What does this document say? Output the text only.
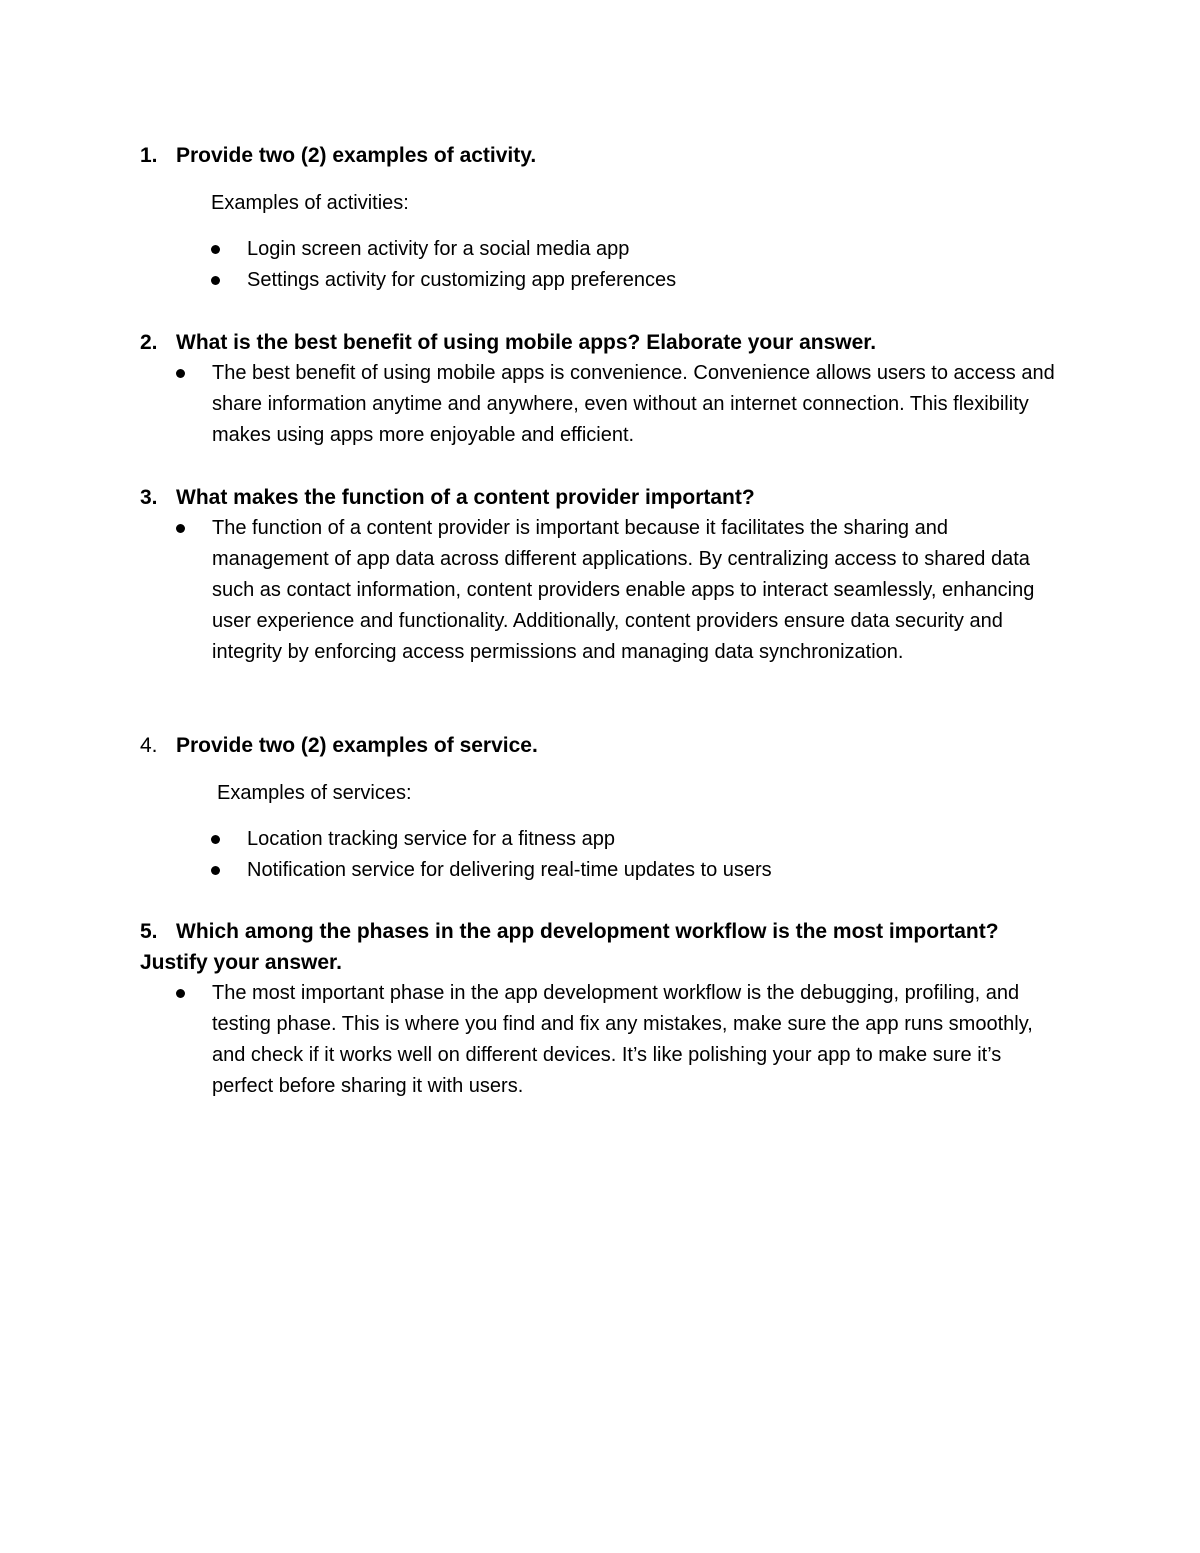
1. Provide two (2) examples of activity.
Examples of activities:
Login screen activity for a social media app
Settings activity for customizing app preferences
2. What is the best benefit of using mobile apps? Elaborate your answer.
The best benefit of using mobile apps is convenience. Convenience allows users to access and share information anytime and anywhere, even without an internet connection. This flexibility makes using apps more enjoyable and efficient.
3. What makes the function of a content provider important?
The function of a content provider is important because it facilitates the sharing and management of app data across different applications. By centralizing access to shared data such as contact information, content providers enable apps to interact seamlessly, enhancing user experience and functionality. Additionally, content providers ensure data security and integrity by enforcing access permissions and managing data synchronization.
4. Provide two (2) examples of service.
Examples of services:
Location tracking service for a fitness app
Notification service for delivering real-time updates to users
5. Which among the phases in the app development workflow is the most important? Justify your answer.
The most important phase in the app development workflow is the debugging, profiling, and testing phase. This is where you find and fix any mistakes, make sure the app runs smoothly, and check if it works well on different devices. It’s like polishing your app to make sure it’s perfect before sharing it with users.
